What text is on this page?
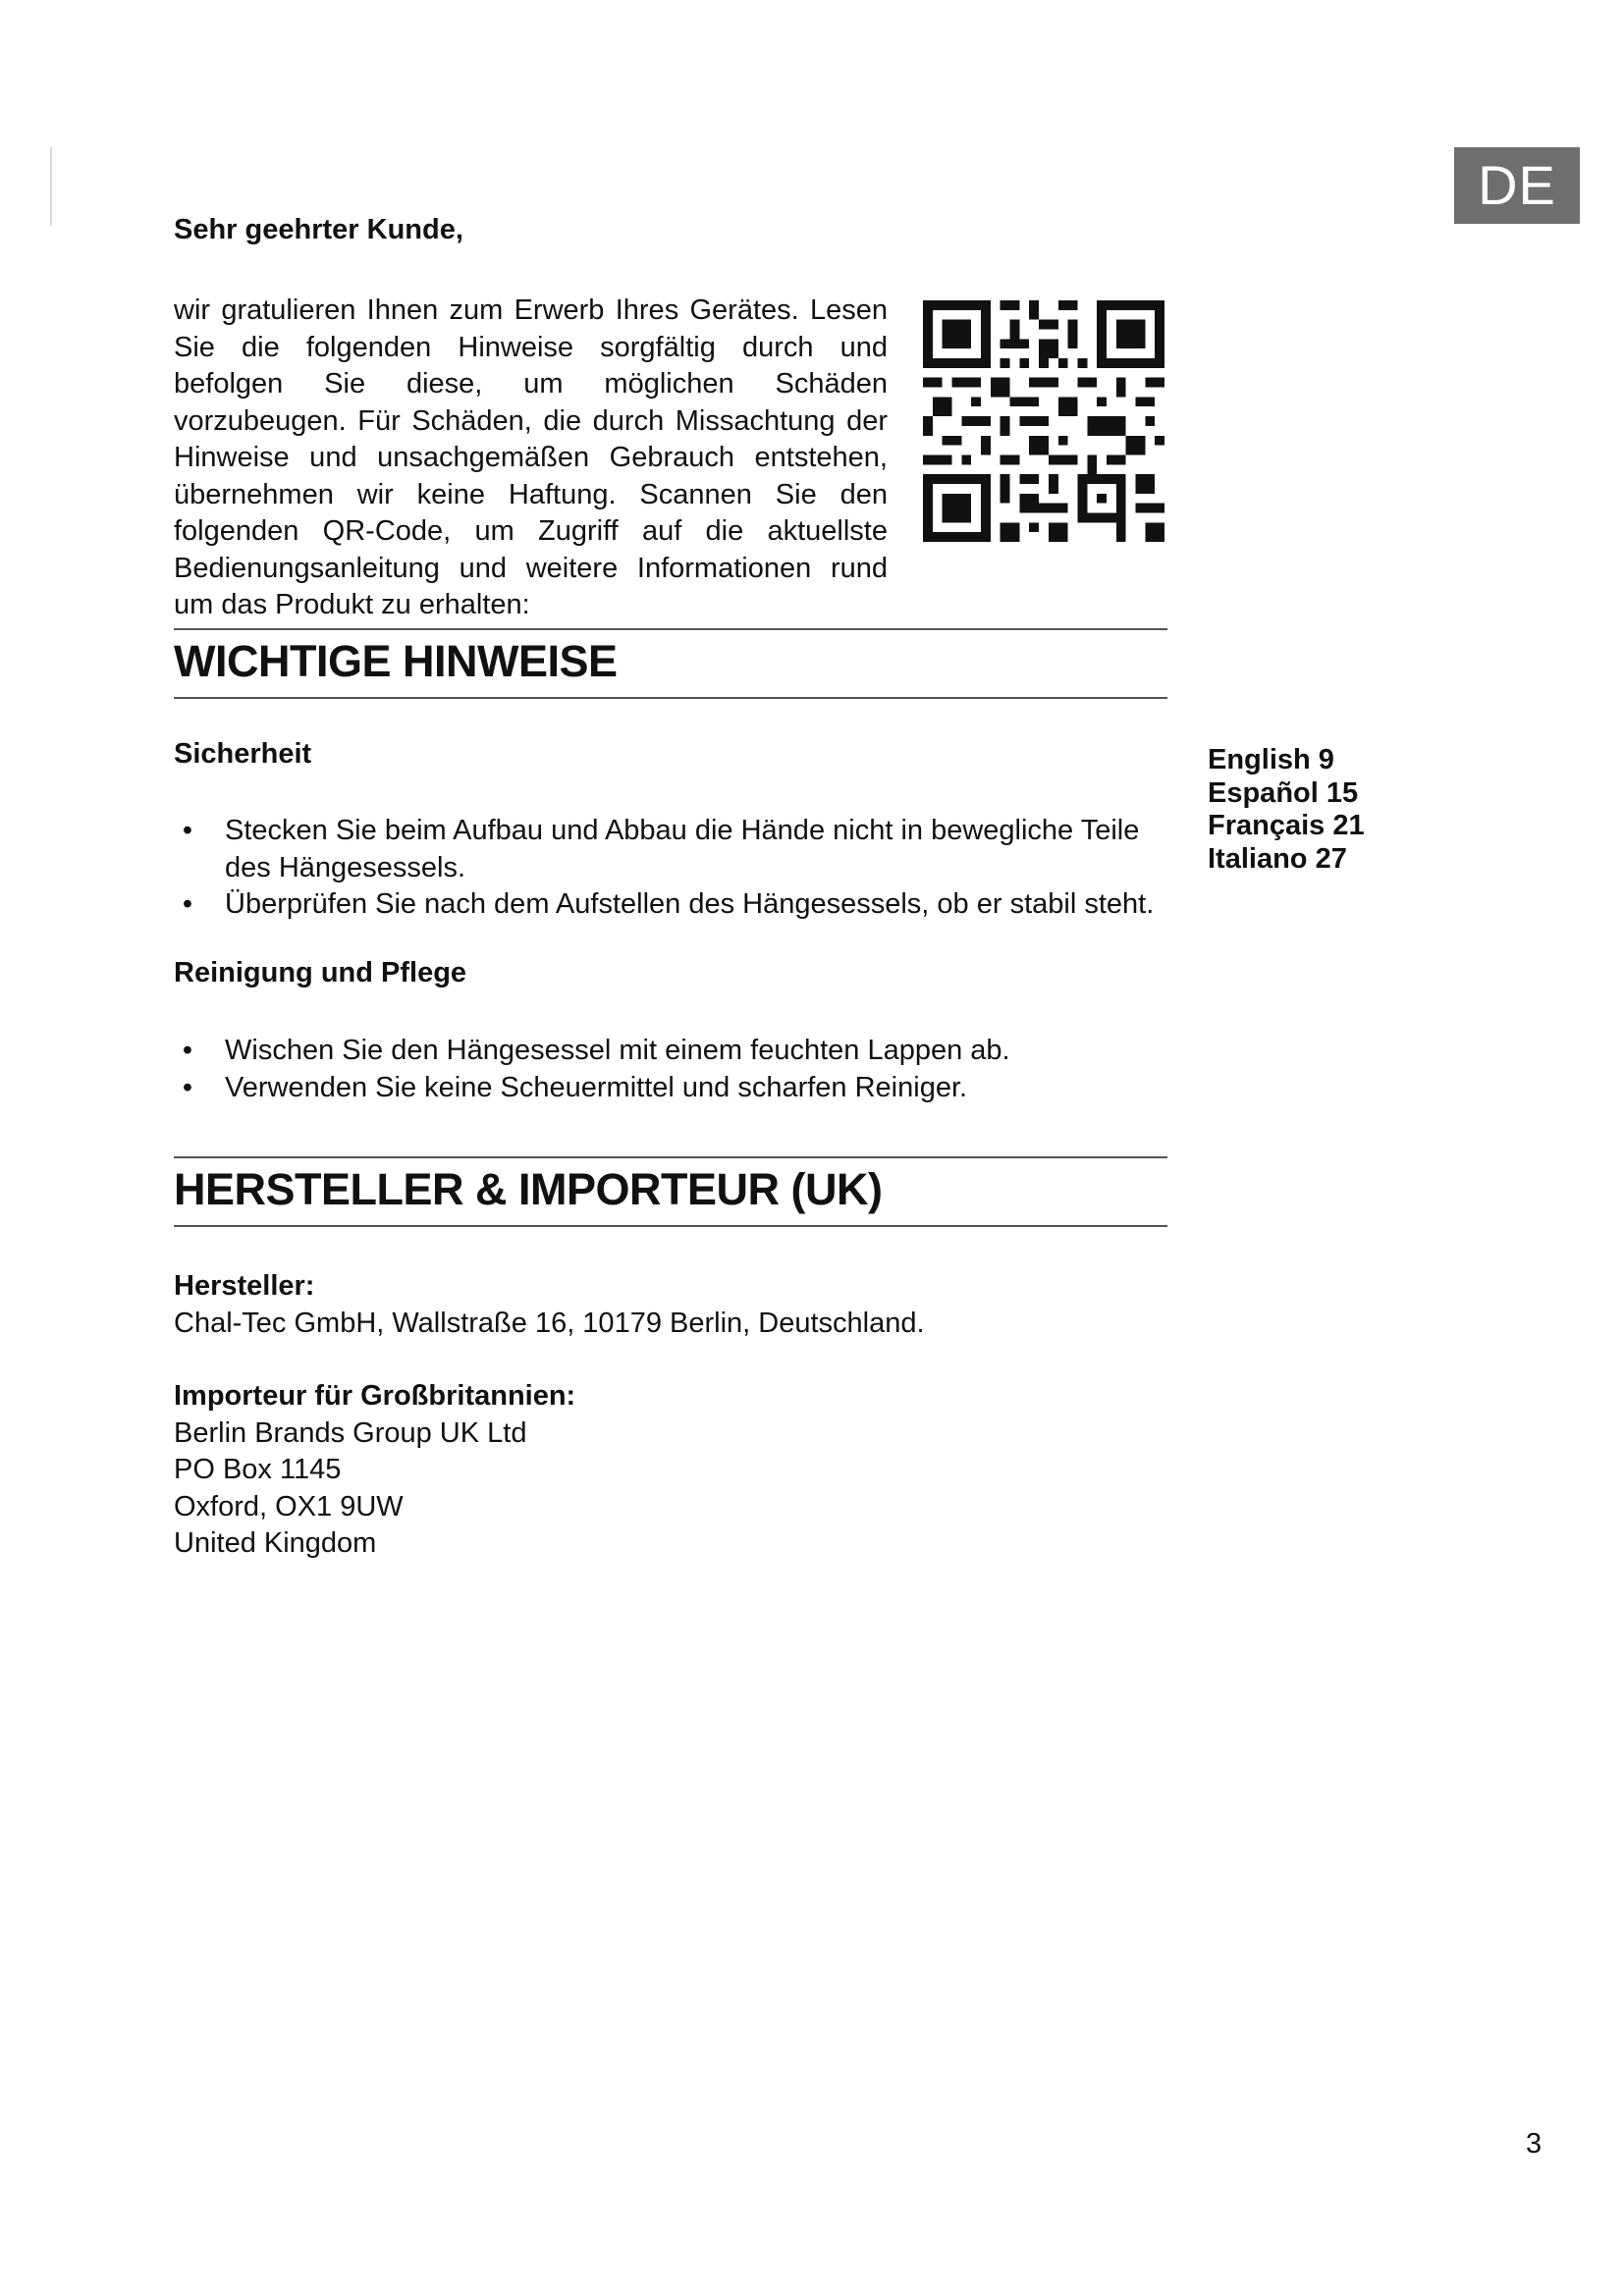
DE
Sehr geehrter Kunde,

wir gratulieren Ihnen zum Erwerb Ihres Gerätes. Lesen Sie die folgenden Hinweise sorgfältig durch und befolgen Sie diese, um möglichen Schäden vorzubeugen. Für Schäden, die durch Missachtung der Hinweise und unsachgemäßen Gebrauch entstehen, übernehmen wir keine Haftung. Scannen Sie den folgenden QR-Code, um Zugriff auf die aktuellste Bedienungsanleitung und weitere Informationen rund um das Produkt zu erhalten:

WICHTIGE HINWEISE
Sicherheit
• Stecken Sie beim Aufbau und Abbau die Hände nicht in bewegliche Teile des Hängesessels.
• Überprüfen Sie nach dem Aufstellen des Hängesessels, ob er stabil steht.
Reinigung und Pflege
• Wischen Sie den Hängesessel mit einem feuchten Lappen ab.
• Verwenden Sie keine Scheuermittel und scharfen Reiniger.
English 9
Español 15
Français 21
Italiano 27
HERSTELLER & IMPORTEUR (UK)
Hersteller:
Chal-Tec GmbH, Wallstraße 16, 10179 Berlin, Deutschland.
Importeur für Großbritannien:
Berlin Brands Group UK Ltd
PO Box 1145
Oxford, OX1 9UW
United Kingdom
3
